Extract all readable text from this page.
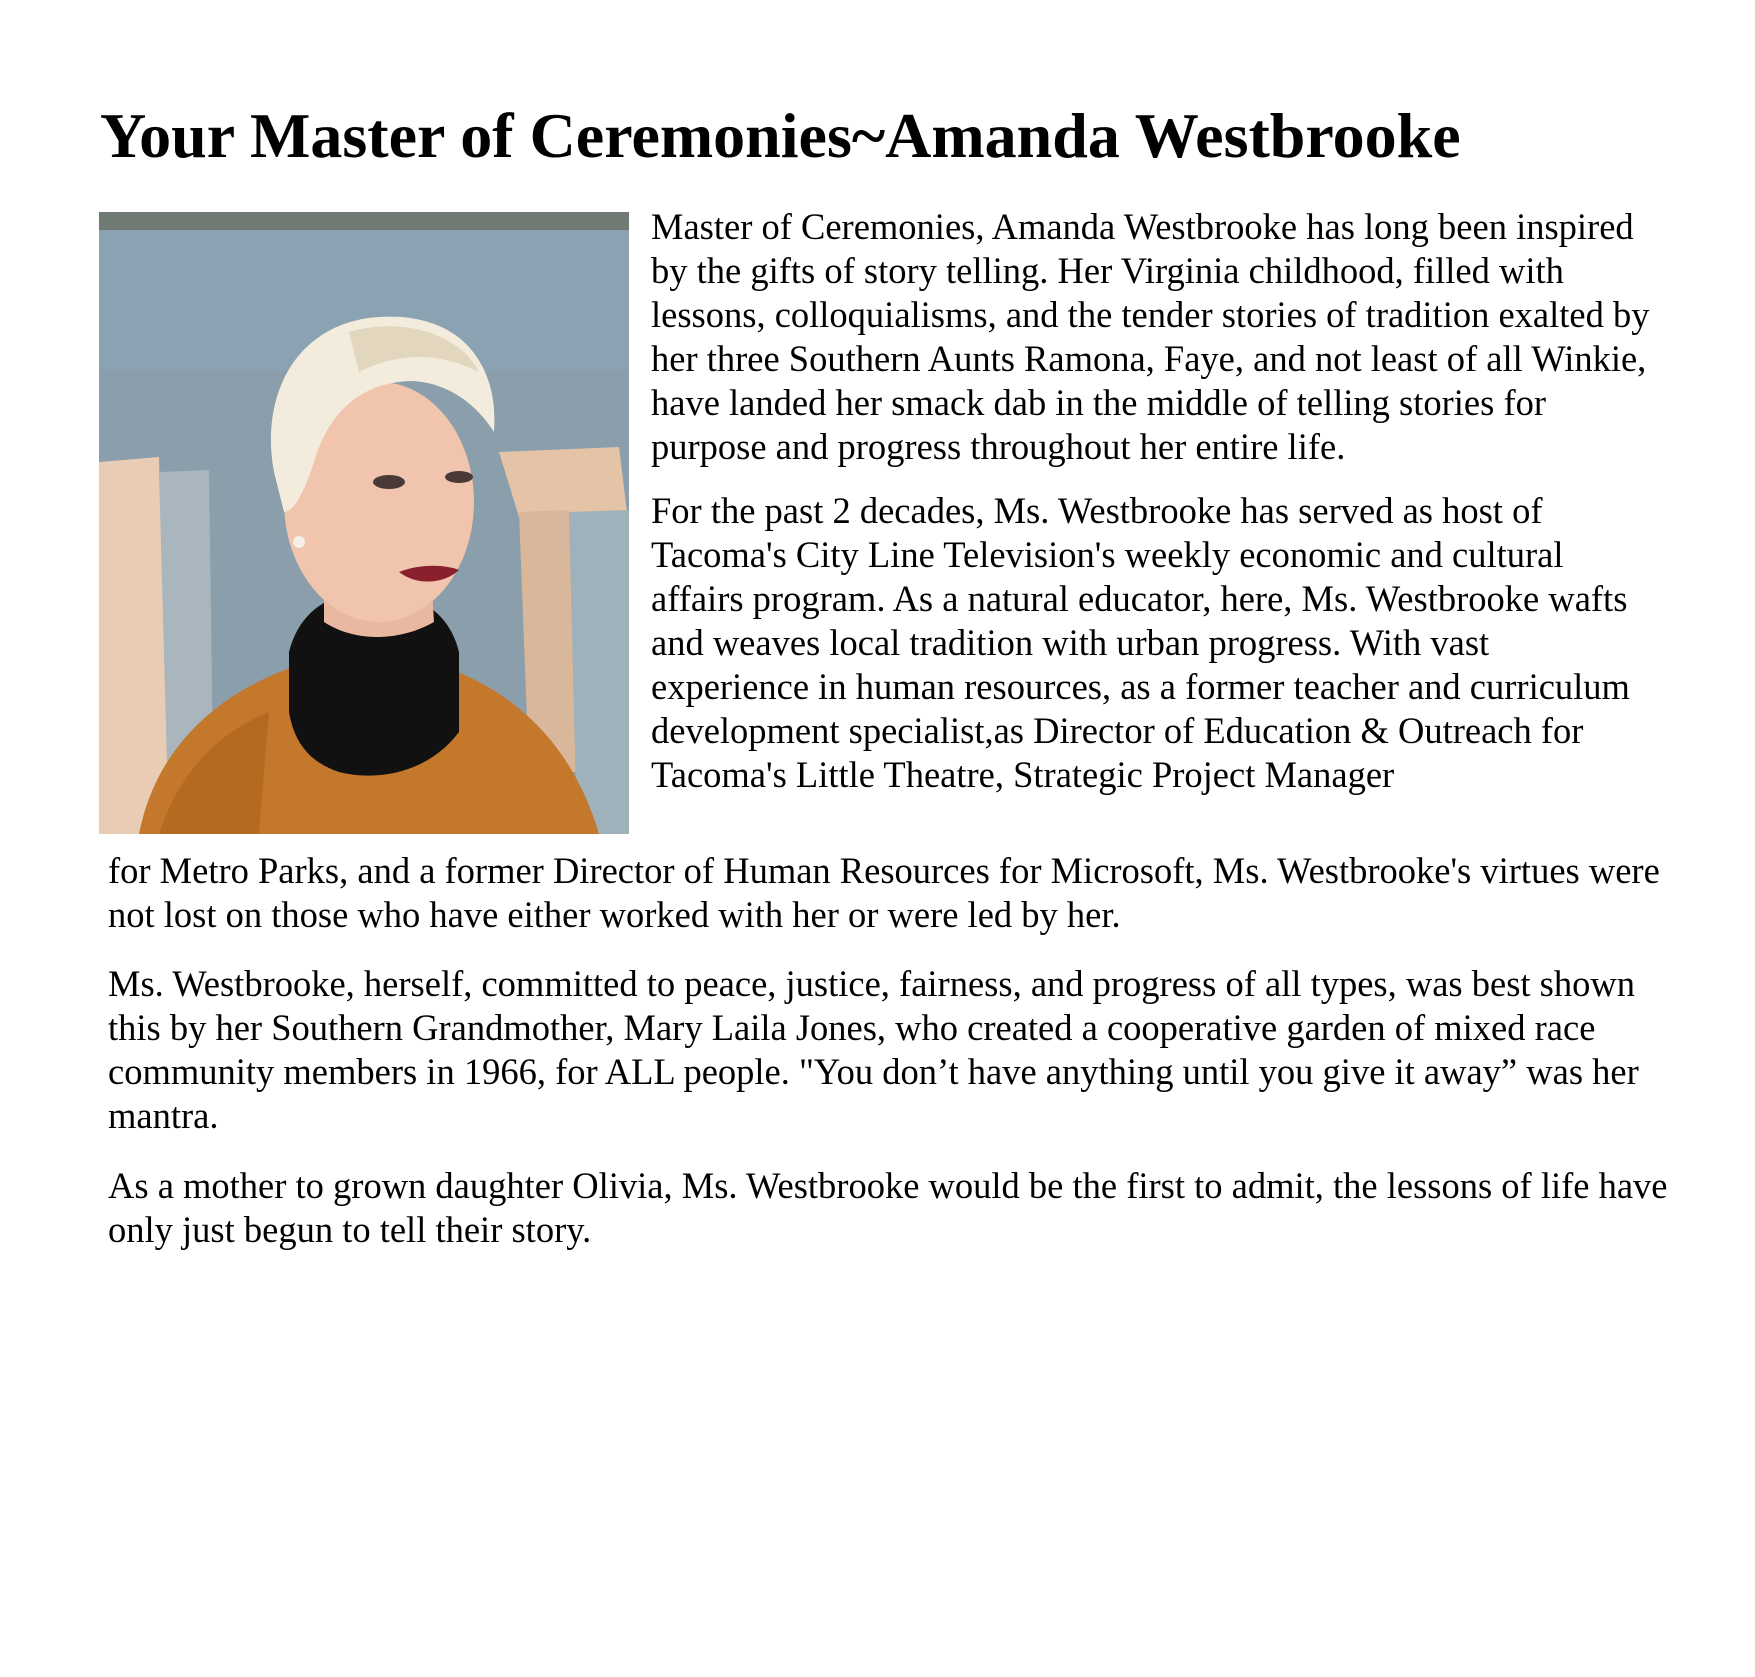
Your Master of Ceremonies~Amanda Westbrooke

Master of Ceremonies, Amanda Westbrooke has long been inspired by the gifts of story telling. Her Virginia childhood, filled with lessons, colloquialisms, and the tender stories of tradition exalted by her three Southern Aunts Ramona, Faye, and not least of all Winkie, have landed her smack dab in the middle of telling stories for purpose and progress throughout her entire life.

For the past 2 decades, Ms. Westbrooke has served as host of Tacoma's City Line Television's weekly economic and cultural affairs program. As a natural educator, here, Ms. Westbrooke wafts and weaves local tradition with urban progress. With vast experience in human resources, as a former teacher and curriculum development specialist,as Director of Education & Outreach for Tacoma's Little Theatre, Strategic Project Manager

for Metro Parks, and a former Director of Human Resources for Microsoft, Ms. Westbrooke's virtues were not lost on those who have either worked with her or were led by her.

Ms. Westbrooke, herself, committed to peace, justice, fairness, and progress of all types, was best shown this by her Southern Grandmother, Mary Laila Jones, who created a cooperative garden of mixed race community members in 1966, for ALL people. "You don’t have anything until you give it away” was her mantra.

As a mother to grown daughter Olivia, Ms. Westbrooke would be the first to admit, the lessons of life have only just begun to tell their story.
